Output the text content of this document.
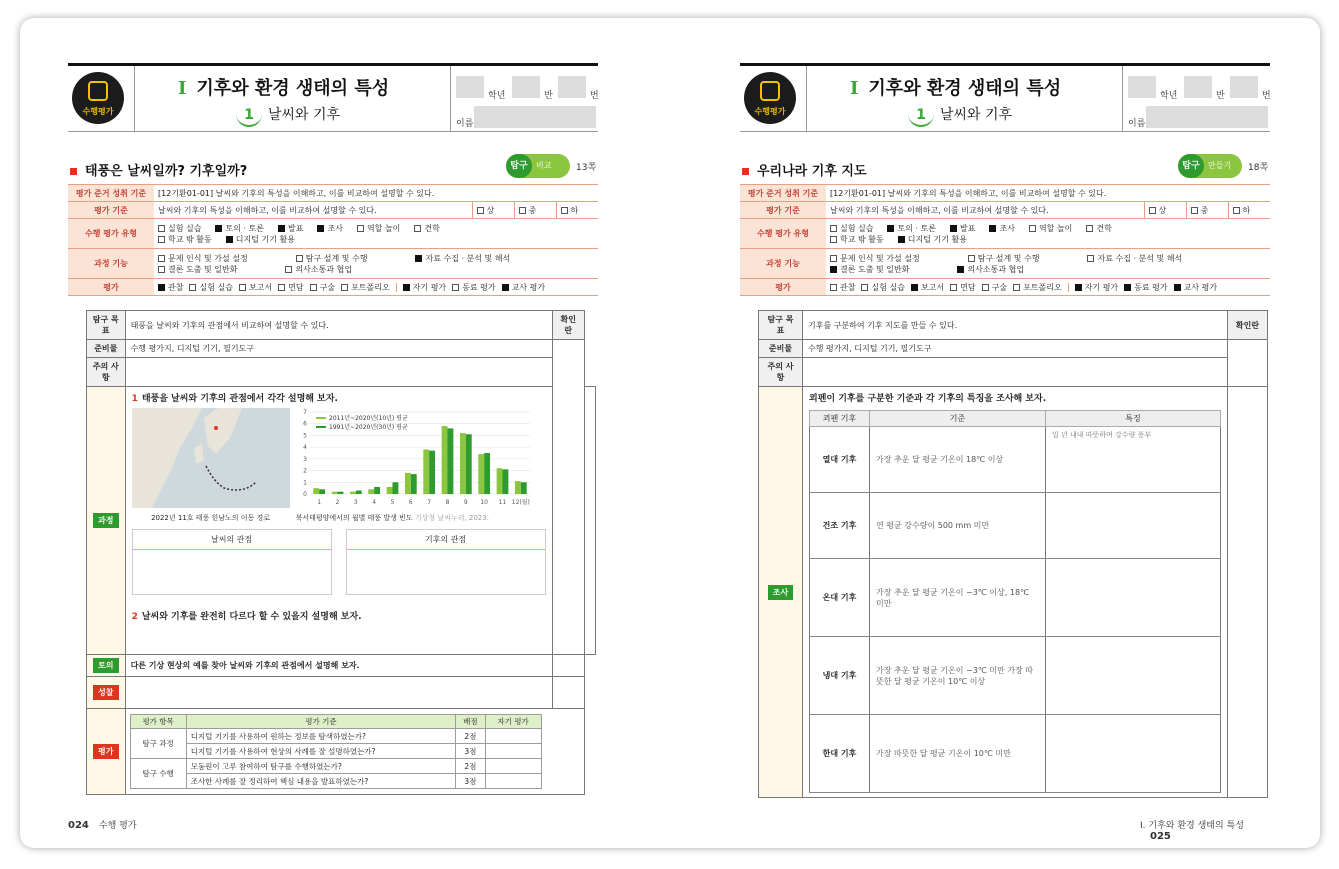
수행평가
I 기후와 환경 생태의 특성
1 날씨와 기후
학년	반	번
이름
태풍은 날씨일까? 기후일까?	탐구	비교	13쪽
평가 준거 성취 기준	[12기환01-01] 날씨와 기후의 특성을 이해하고, 이를 비교하여 설명할 수 있다.			
평가 기준	날씨와 기후의 특성을 이해하고, 이를 비교하여 설명할 수 있다.	상	중	하
수행 평가 유형	실험 실습 토의 · 토론 발표 조사 역할 놀이 견학
학교 밖 활동 디지털 기기 활용			

과정 기능	문제 인식 및 가설 설정 탐구 설계 및 수행 자료 수집 · 분석 및 해석
결론 도출 및 일반화 의사소통과 협업			

평가	관찰 실험 실습 보고서 면담 구술 포트폴리오 자기 평가 동료 평가 교사 평가			
탐구 목표	태풍을 날씨와 기후의 관점에서 비교하여 설명할 수 있다.	확인란
준비물	수행 평가지, 디지털 기기, 필기도구	
주의 사항	
과정	
1 태풍을 날씨와 기후의 관점에서 각각 설명해 보자.
2022년 11호 태풍 힌남노의 이동 경로
0
1
2
3
4
5
6
7
1 2 3 4 5 6 7 8 9 10 11 12(월)
2011년~2020년(10년) 평균
1991년~2020년(30년) 평균
북서태평양에서의 월별 태풍 발생 빈도 기상청 날씨누리, 2023.
날씨의 관점	기후의 관점
2 날씨와 기후를 완전히 다르다 할 수 있을지 설명해 보자.

토의	다른 기상 현상의 예를 찾아 날씨와 기후의 관점에서 설명해 보자.	
성찰		
평가	
평가 항목	평가 기준	배점	자기 평가
탐구 과정	디지털 기기를 사용하여 원하는 정보를 탐색하였는가?	2점	
디지털 기기를 사용하여 현상의 사례를 잘 설명하였는가?	3점	
탐구 수행	모둠원이 고루 참여하여 탐구를 수행하였는가?	2점	
조사한 사례를 잘 정리하여 핵심 내용을 발표하였는가?	3점	
024 수행 평가
수행평가
I 기후와 환경 생태의 특성
1 날씨와 기후
학년	반	번
이름
우리나라 기후 지도	탐구	만들기 18쪽
평가 준거 성취 기준	[12기환01-01] 날씨와 기후의 특성을 이해하고, 이를 비교하여 설명할 수 있다.			
평가 기준	날씨와 기후의 특성을 이해하고, 이를 비교하여 설명할 수 있다.	상	중	하
수행 평가 유형	실험 실습 토의 · 토론 발표 조사 역할 놀이 견학
학교 밖 활동 디지털 기기 활용			

과정 기능	문제 인식 및 가설 설정 탐구 설계 및 수행 자료 수집 · 분석 및 해석
결론 도출 및 일반화 의사소통과 협업			

평가	관찰 실험 실습 보고서 면담 구술 포트폴리오 자기 평가 동료 평가 교사 평가			
탐구 목표	기후를 구분하여 기후 지도를 만들 수 있다.	확인란
준비물	수행 평가지, 디지털 기기, 필기도구	
주의 사항	
조사	
쾨펜이 기후를 구분한 기준과 각 기후의 특징을 조사해 보자.
쾨펜 기후	기준	특징
열대 기후	가장 추운 달 평균 기온이 18℃ 이상	일 년 내내 따뜻하며 강수량 풍부
건조 기후	연 평균 강수량이 500 mm 미만	
온대 기후	가장 추운 달 평균 기온이 −3℃ 이상, 18℃ 미만	
냉대 기후	가장 추운 달 평균 기온이 −3℃ 미만 가장 따뜻한 달 평균 기온이 10℃ 이상	
한대 기후	가장 따뜻한 달 평균 기온이 10℃ 미만	

Ⅰ. 기후와 환경 생태의 특성 025
